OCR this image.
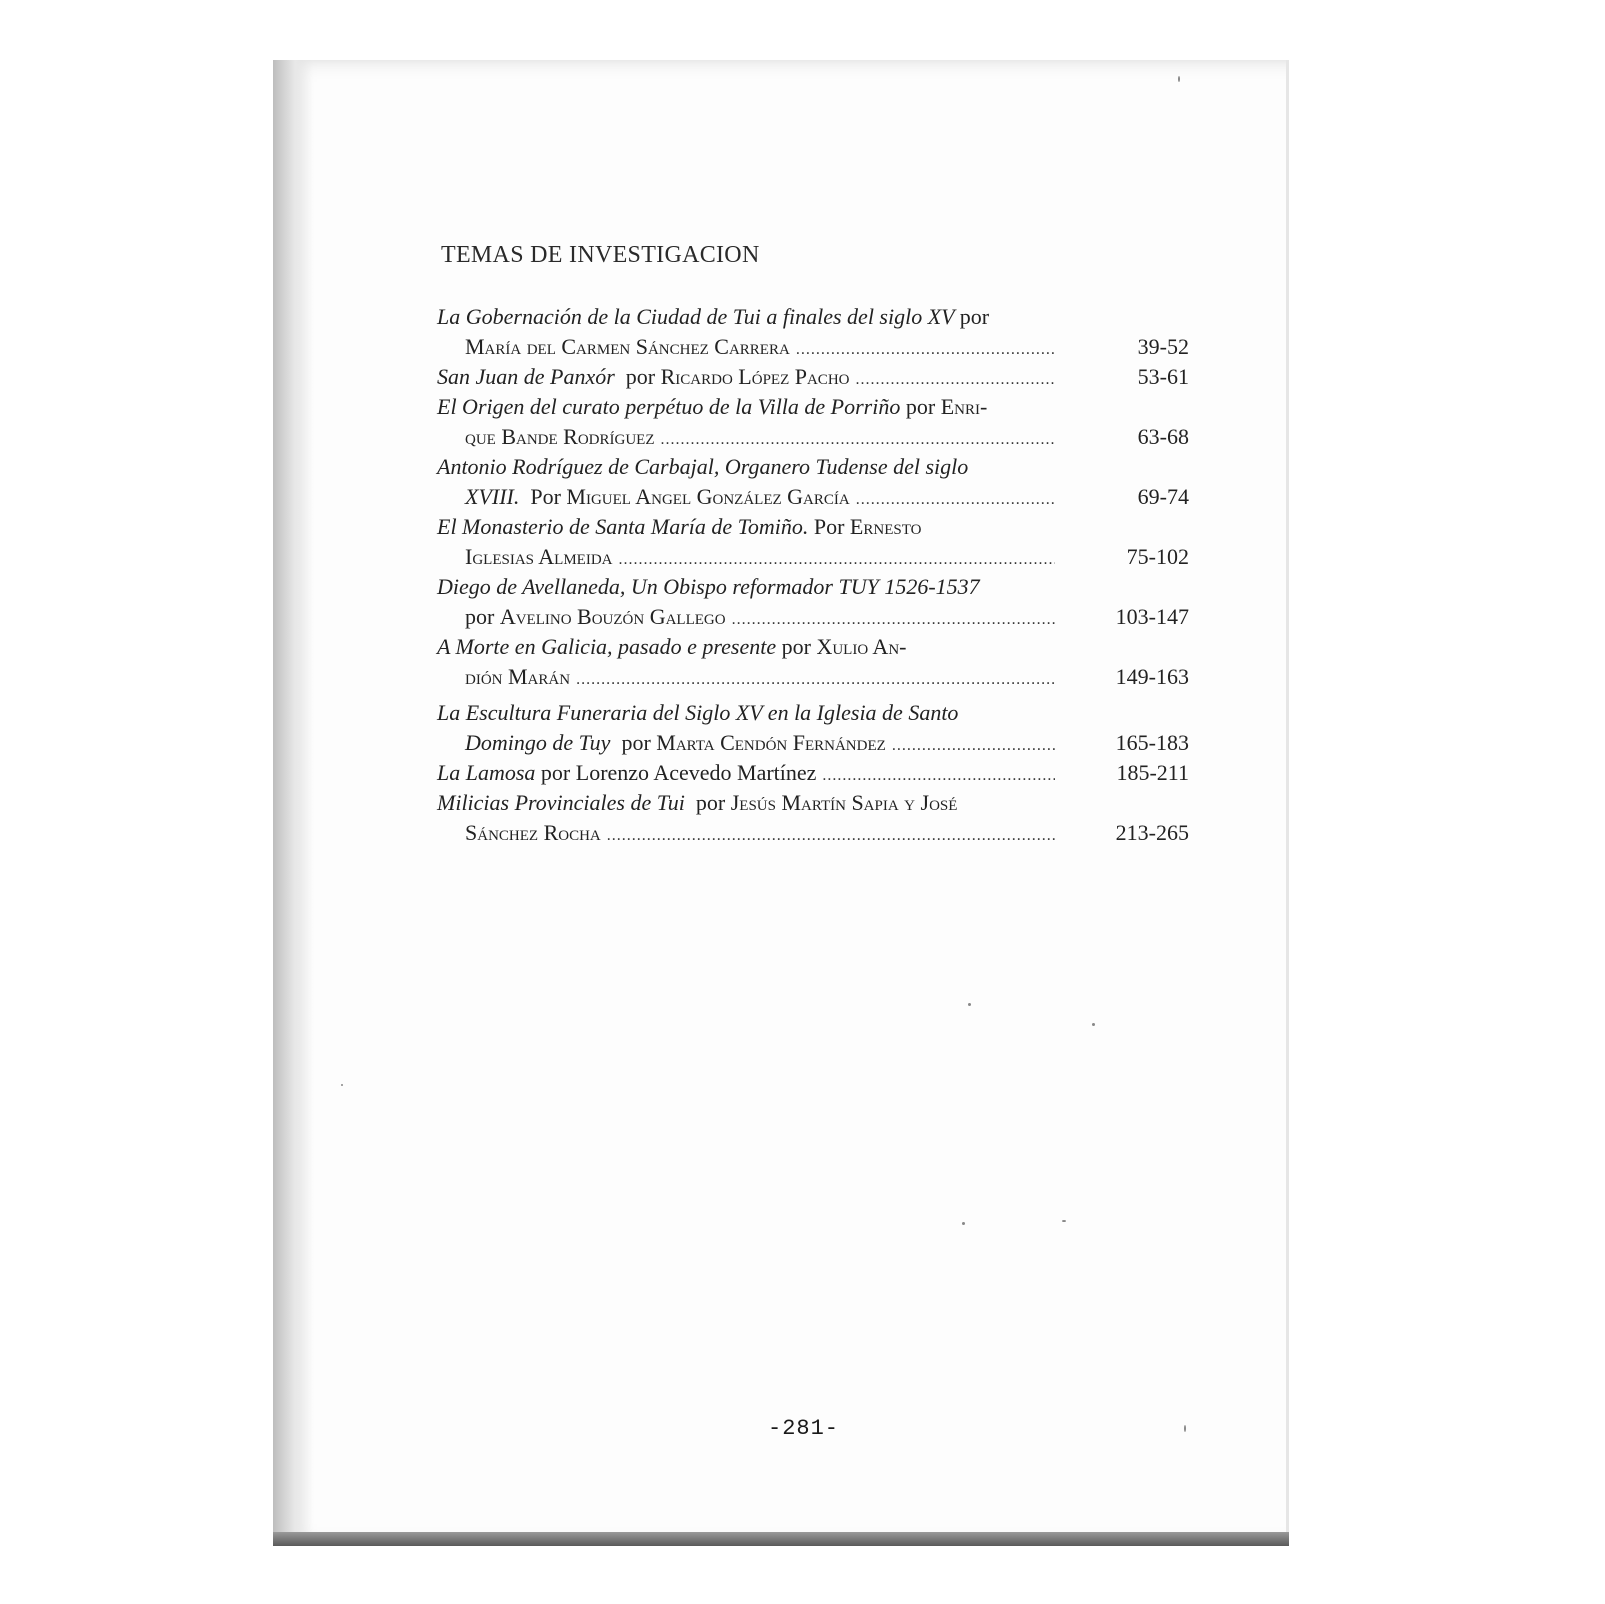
TEMAS DE INVESTIGACION
La Gobernación de la Ciudad de Tui a finales del siglo XV por
María del Carmen Sánchez Carrera .....	39-52
San Juan de Panxór por Ricardo López Pacho .....	53-61
El Origen del curato perpétuo de la Villa de Porriño por Enri-
que Bande Rodríguez .....	63-68
Antonio Rodríguez de Carbajal, Organero Tudense del siglo
XVIII. Por Miguel Angel González García .....	69-74
El Monasterio de Santa María de Tomiño. Por Ernesto
Iglesias Almeida .....	75-102
Diego de Avellaneda, Un Obispo reformador TUY 1526-1537
por Avelino Bouzón Gallego .....	103-147
A Morte en Galicia, pasado e presente por Xulio An-
dión Marán .....	149-163
La Escultura Funeraria del Siglo XV en la Iglesia de Santo
Domingo de Tuy por Marta Cendón Fernández .....	165-183
La Lamosa por Lorenzo Acevedo Martínez .....	185-211
Milicias Provinciales de Tui por Jesús Martín Sapia y José
Sánchez Rocha .....	213-265
-281-
